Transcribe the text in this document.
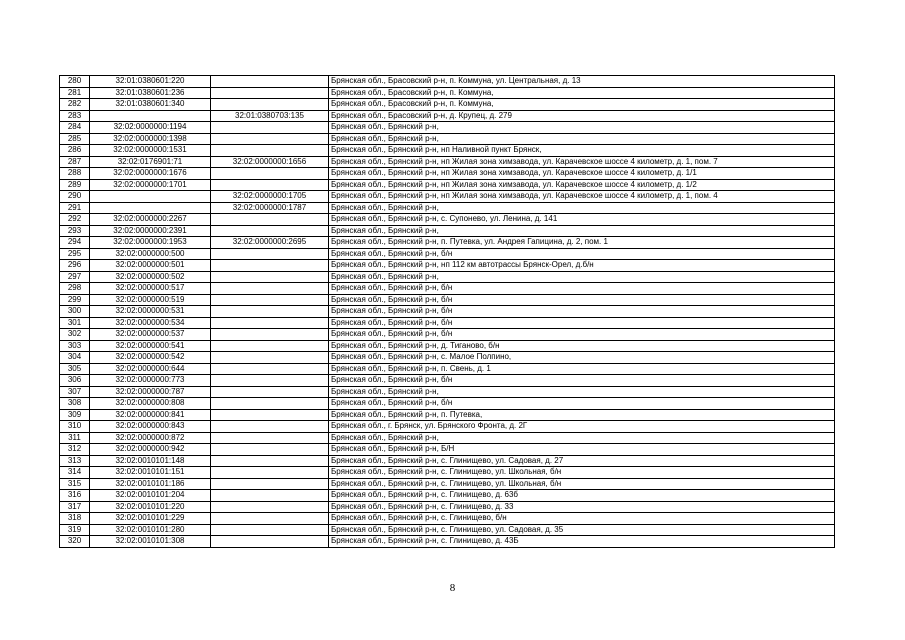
280	32:01:0380601:220		Брянская обл., Брасовский р-н, п. Коммуна, ул. Центральная, д. 13
281	32:01:0380601:236		Брянская обл., Брасовский р-н, п. Коммуна,
282	32:01:0380601:340		Брянская обл., Брасовский р-н, п. Коммуна,
283		32:01:0380703:135	Брянская обл., Брасовский р-н, д. Крупец, д. 279
284	32:02:0000000:1194		Брянская обл., Брянский р-н,
285	32:02:0000000:1398		Брянская обл., Брянский р-н,
286	32:02:0000000:1531		Брянская обл., Брянский р-н, нп Наливной пункт Брянск,
287	32:02:0176901:71	32:02:0000000:1656	Брянская обл., Брянский р-н, нп Жилая зона химзавода, ул. Карачевское шоссе 4 километр, д. 1, пом. 7
288	32:02:0000000:1676		Брянская обл., Брянский р-н, нп Жилая зона химзавода, ул. Карачевское шоссе 4 километр, д. 1/1
289	32:02:0000000:1701		Брянская обл., Брянский р-н, нп Жилая зона химзавода, ул. Карачевское шоссе 4 километр, д. 1/2
290		32:02:0000000:1705	Брянская обл., Брянский р-н, нп Жилая зона химзавода, ул. Карачевское шоссе 4 километр, д. 1, пом. 4
291		32:02:0000000:1787	Брянская обл., Брянский р-н,
292	32:02:0000000:2267		Брянская обл., Брянский р-н, с. Супонево, ул. Ленина, д. 141
293	32:02:0000000:2391		Брянская обл., Брянский р-н,
294	32:02:0000000:1953	32:02:0000000:2695	Брянская обл., Брянский р-н, п. Путевка, ул. Андрея Гапицина, д. 2, пом. 1
295	32:02:0000000:500		Брянская обл., Брянский р-н, б/н
296	32:02:0000000:501		Брянская обл., Брянский р-н, нп 112 км автотрассы Брянск-Орел, д.б/н
297	32:02:0000000:502		Брянская обл., Брянский р-н,
298	32:02:0000000:517		Брянская обл., Брянский р-н, б/н
299	32:02:0000000:519		Брянская обл., Брянский р-н, б/н
300	32:02:0000000:531		Брянская обл., Брянский р-н, б/н
301	32:02:0000000:534		Брянская обл., Брянский р-н, б/н
302	32:02:0000000:537		Брянская обл., Брянский р-н, б/н
303	32:02:0000000:541		Брянская обл., Брянский р-н, д. Тиганово, б/н
304	32:02:0000000:542		Брянская обл., Брянский р-н, с. Малое Полпино,
305	32:02:0000000:644		Брянская обл., Брянский р-н, п. Свень, д. 1
306	32:02:0000000:773		Брянская обл., Брянский р-н, б/н
307	32:02:0000000:787		Брянская обл., Брянский р-н,
308	32:02:0000000:808		Брянская обл., Брянский р-н, б/н
309	32:02:0000000:841		Брянская обл., Брянский р-н, п. Путевка,
310	32:02:0000000:843		Брянская обл., г. Брянск, ул. Брянского Фронта, д. 2Г
311	32:02:0000000:872		Брянская обл., Брянский р-н,
312	32:02:0000000:942		Брянская обл., Брянский р-н, Б/Н
313	32:02:0010101:148		Брянская обл., Брянский р-н, с. Глинищево, ул. Садовая, д. 27
314	32:02:0010101:151		Брянская обл., Брянский р-н, с. Глинищево, ул. Школьная, б/н
315	32:02:0010101:186		Брянская обл., Брянский р-н, с. Глинищево, ул. Школьная, б/н
316	32:02:0010101:204		Брянская обл., Брянский р-н, с. Глинищево, д. 63б
317	32:02:0010101:220		Брянская обл., Брянский р-н, с. Глинищево, д. 33
318	32:02:0010101:229		Брянская обл., Брянский р-н, с. Глинищево, б/н
319	32:02:0010101:280		Брянская обл., Брянский р-н, с. Глинищево, ул. Садовая, д. 35
320	32:02:0010101:308		Брянская обл., Брянский р-н, с. Глинищево, д. 43Б
8
